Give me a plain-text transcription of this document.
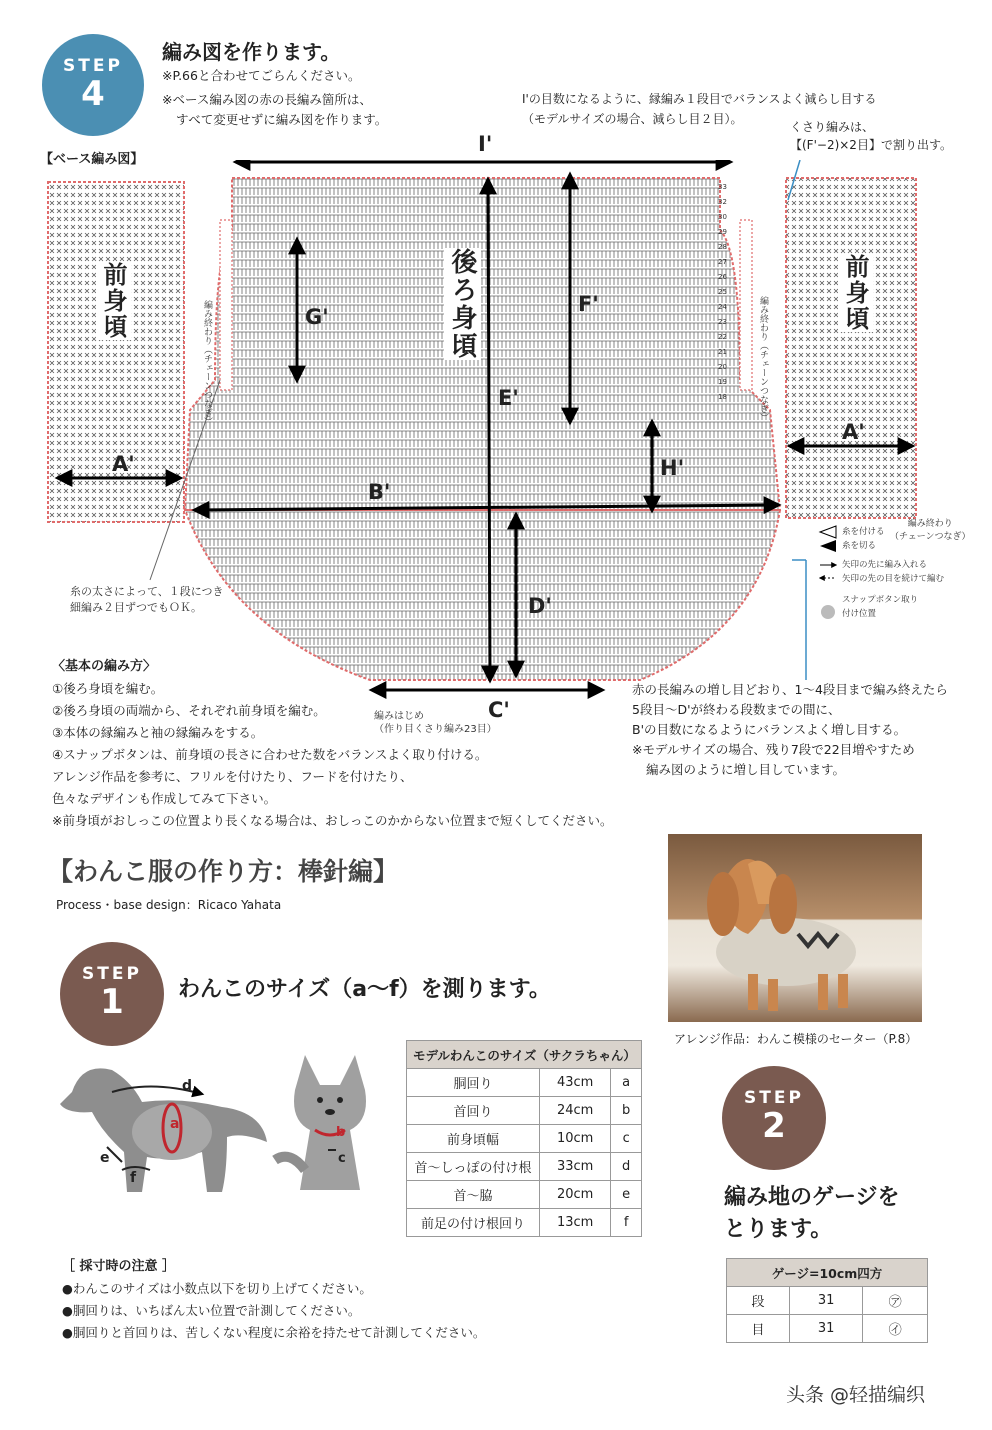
STEP
4
編み図を作ります。
※P.66と合わせてごらんください。
※ベース編み図の赤の長編み箇所は、
すべて変更せずに編み図を作ります。
I'の目数になるように、縁編み１段目でバランスよく減らし目する
（モデルサイズの場合、減らし目２目）。
くさり編みは、
【(F'−2)×2目】で割り出す。
【ベース編み図】
I'
G'
F'
E'
H'
A'
A'
B'
D'
C'
前身頃	後ろ身頃	前身頃
編み終わり（チェーンつなぎ）	編み終わり（チェーンつなぎ）
33
32
30
29
28
27
26
25
24
23
22
21
20
19
18
糸の太さによって、１段につき
細編み２目ずつでもＯＫ。
編みはじめ
（作り目くさり編み23目）
編み終わり
（チェーンつなぎ）
糸を付ける
糸を切る
矢印の先に編み入れる
矢印の先の目を続けて編む
スナップボタン取り付け位置
〈基本の編み方〉
①後ろ身頃を編む。
②後ろ身頃の両端から、それぞれ前身頃を編む。
③本体の縁編みと袖の縁編みをする。
④スナップボタンは、前身頃の長さに合わせた数をバランスよく取り付ける。
アレンジ作品を参考に、フリルを付けたり、フードを付けたり、
色々なデザインも作成してみて下さい。
※前身頃がおしっこの位置より長くなる場合は、おしっこのかからない位置まで短くしてください。
赤の長編みの増し目どおり、1〜4段目まで編み終えたら
5段目〜D'が終わる段数までの間に、
B'の目数になるようにバランスよく増し目する。
※モデルサイズの場合、残り7段で22目増やすため
編み図のように増し目しています。
【わんこ服の作り方：棒針編】
Process・base design：Ricaco Yahata
アレンジ作品：わんこ模様のセーター（P.8）
STEP
1	わんこのサイズ（a〜f）を測ります。
a
d
e
f
b
c
モデルわんこのサイズ（サクラちゃん）		
胴回り	43cm	a
首回り	24cm	b
前身頃幅	10cm	c
首〜しっぽの付け根	33cm	d
首〜脇	20cm	e
前足の付け根回り	13cm	f
［ 採寸時の注意 ］
●わんこのサイズは小数点以下を切り上げてください。
●胴回りは、いちばん太い位置で計測してください。
●胴回りと首回りは、苦しくない程度に余裕を持たせて計測してください。
STEP
2
編み地のゲージを
とります。
ゲージ=10cm四方		
段	31	㋐
目	31	㋑
头条 @轻描编织
